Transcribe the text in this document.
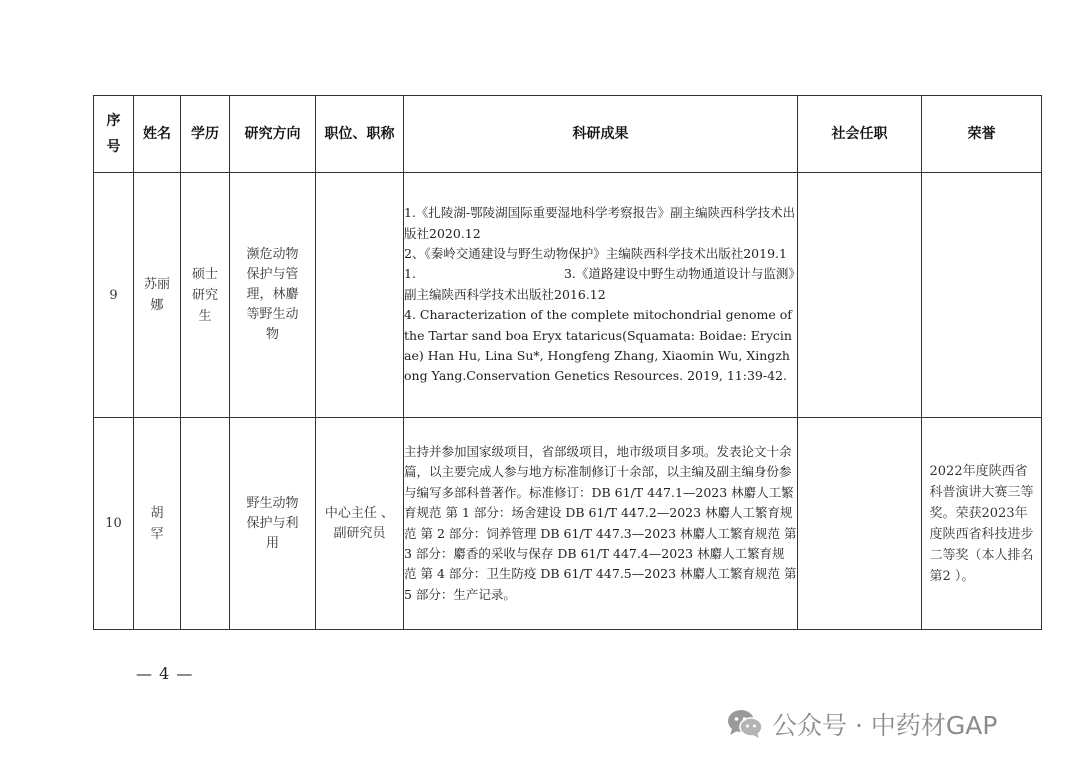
序号	姓名	学历	研究方向	职位、职称	科研成果	社会任职	荣誉
9	苏丽娜	硕士研究生	濒危动物保护与管理，林麝等野生动物		1.《扎陵湖-鄂陵湖国际重要湿地科学考察报告》副主编陕西科学技术出版社2020.12

2、《秦岭交通建设与野生动物保护》主编陕西科学技术出版社2019.11. 3.《道路建设中野生动物通道设计与监测》副主编陕西科学技术出版社2016.12

4. Characterization of the complete mitochondrial genome of the Tartar sand boa Eryx tataricus(Squamata: Boidae: Erycinae) Han Hu, Lina Su*, Hongfeng Zhang, Xiaomin Wu, Xingzhong Yang.Conservation Genetics Resources. 2019, 11:39-42.		

10	胡 罕		野生动物保护与利用	中心主任 、副研究员	主持并参加国家级项目，省部级项目，地市级项目多项。发表论文十余篇，以主要完成人参与地方标准制修订十余部，以主编及副主编身份参与编写多部科普著作。标准修订：DB 61/T 447.1—2023 林麝人工繁育规范 第 1 部分：场舍建设 DB 61/T 447.2—2023 林麝人工繁育规范 第 2 部分：饲养管理 DB 61/T 447.3—2023 林麝人工繁育规范 第 3 部分：麝香的采收与保存 DB 61/T 447.4—2023 林麝人工繁育规范 第 4 部分：卫生防疫 DB 61/T 447.5—2023 林麝人工繁育规范 第 5 部分：生产记录。		2022年度陕西省科普演讲大赛三等奖。荣获2023年度陕西省科技进步二等奖（本人排名第2 ）。
— 4 —
公众号 · 中药材GAP
